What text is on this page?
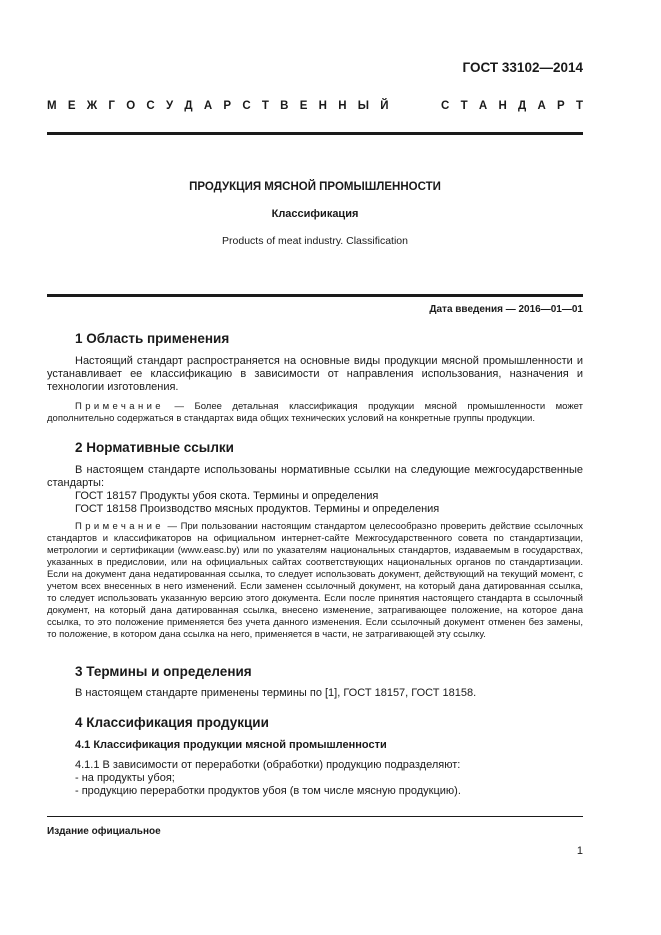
ГОСТ 33102—2014
М Е Ж Г О С У Д А Р С Т В Е Н Н Ы Й	С Т А Н Д А Р Т
ПРОДУКЦИЯ МЯСНОЙ ПРОМЫШЛЕННОСТИ
Классификация
Products of meat industry. Classification
Дата введения — 2016—01—01
1 Область применения
Настоящий стандарт распространяется на основные виды продукции мясной промышленности и устанавливает ее классификацию в зависимости от направления использования, назначения и технологии изготовления.
Примечание — Более детальная классификация продукции мясной промышленности может дополнительно содержаться в стандартах вида общих технических условий на конкретные группы продукции.
2 Нормативные ссылки
В настоящем стандарте использованы нормативные ссылки на следующие межгосударственные стандарты:
ГОСТ 18157 Продукты убоя скота. Термины и определения
ГОСТ 18158 Производство мясных продуктов. Термины и определения
Примечание — При пользовании настоящим стандартом целесообразно проверить действие ссылочных стандартов и классификаторов на официальном интернет-сайте Межгосударственного совета по стандартизации, метрологии и сертификации (www.easc.by) или по указателям национальных стандартов, издаваемым в государствах, указанных в предисловии, или на официальных сайтах соответствующих национальных органов по стандартизации. Если на документ дана недатированная ссылка, то следует использовать документ, действующий на текущий момент, с учетом всех внесенных в него изменений. Если заменен ссылочный документ, на который дана датированная ссылка, то следует использовать указанную версию этого документа. Если после принятия настоящего стандарта в ссылочный документ, на который дана датированная ссылка, внесено изменение, затрагивающее положение, на которое дана ссылка, то это положение применяется без учета данного изменения. Если ссылочный документ отменен без замены, то положение, в котором дана ссылка на него, применяется в части, не затрагивающей эту ссылку.
3 Термины и определения
В настоящем стандарте применены термины по [1], ГОСТ 18157, ГОСТ 18158.
4 Классификация продукции
4.1 Классификация продукции мясной промышленности
4.1.1 В зависимости от переработки (обработки) продукцию подразделяют:
- на продукты убоя;
- продукцию переработки продуктов убоя (в том числе мясную продукцию).
Издание официальное
1
